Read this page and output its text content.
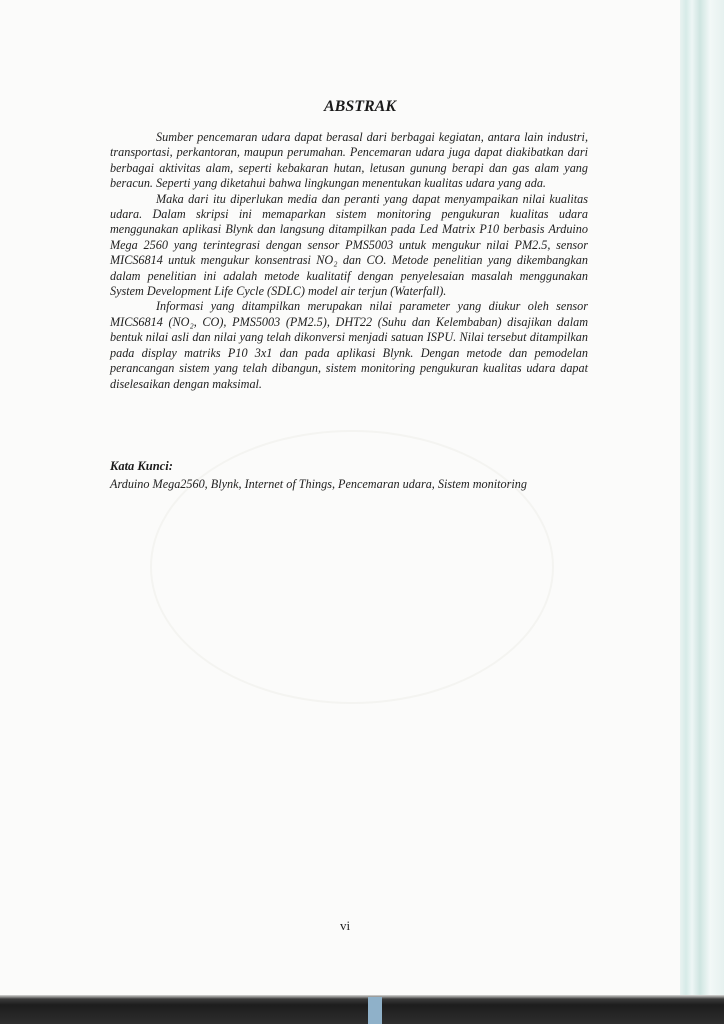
ABSTRAK

Sumber pencemaran udara dapat berasal dari berbagai kegiatan, antara lain industri, transportasi, perkantoran, maupun perumahan. Pencemaran udara juga dapat diakibatkan dari berbagai aktivitas alam, seperti kebakaran hutan, letusan gunung berapi dan gas alam yang beracun. Seperti yang diketahui bahwa lingkungan menentukan kualitas udara yang ada.

Maka dari itu diperlukan media dan peranti yang dapat menyampaikan nilai kualitas udara. Dalam skripsi ini memaparkan sistem monitoring pengukuran kualitas udara menggunakan aplikasi Blynk dan langsung ditampilkan pada Led Matrix P10 berbasis Arduino Mega 2560 yang terintegrasi dengan sensor PMS5003 untuk mengukur nilai PM2.5, sensor MICS6814 untuk mengukur konsentrasi NO₂ dan CO. Metode penelitian yang dikembangkan dalam penelitian ini adalah metode kualitatif dengan penyelesaian masalah menggunakan System Development Life Cycle (SDLC) model air terjun (Waterfall).

Informasi yang ditampilkan merupakan nilai parameter yang diukur oleh sensor MICS6814 (NO₂, CO), PMS5003 (PM2.5), DHT22 (Suhu dan Kelembaban) disajikan dalam bentuk nilai asli dan nilai yang telah dikonversi menjadi satuan ISPU. Nilai tersebut ditampilkan pada display matriks P10 3x1 dan pada aplikasi Blynk. Dengan metode dan pemodelan perancangan sistem yang telah dibangun, sistem monitoring pengukuran kualitas udara dapat diselesaikan dengan maksimal.

Kata Kunci:
Arduino Mega2560, Blynk, Internet of Things, Pencemaran udara, Sistem monitoring
vi
